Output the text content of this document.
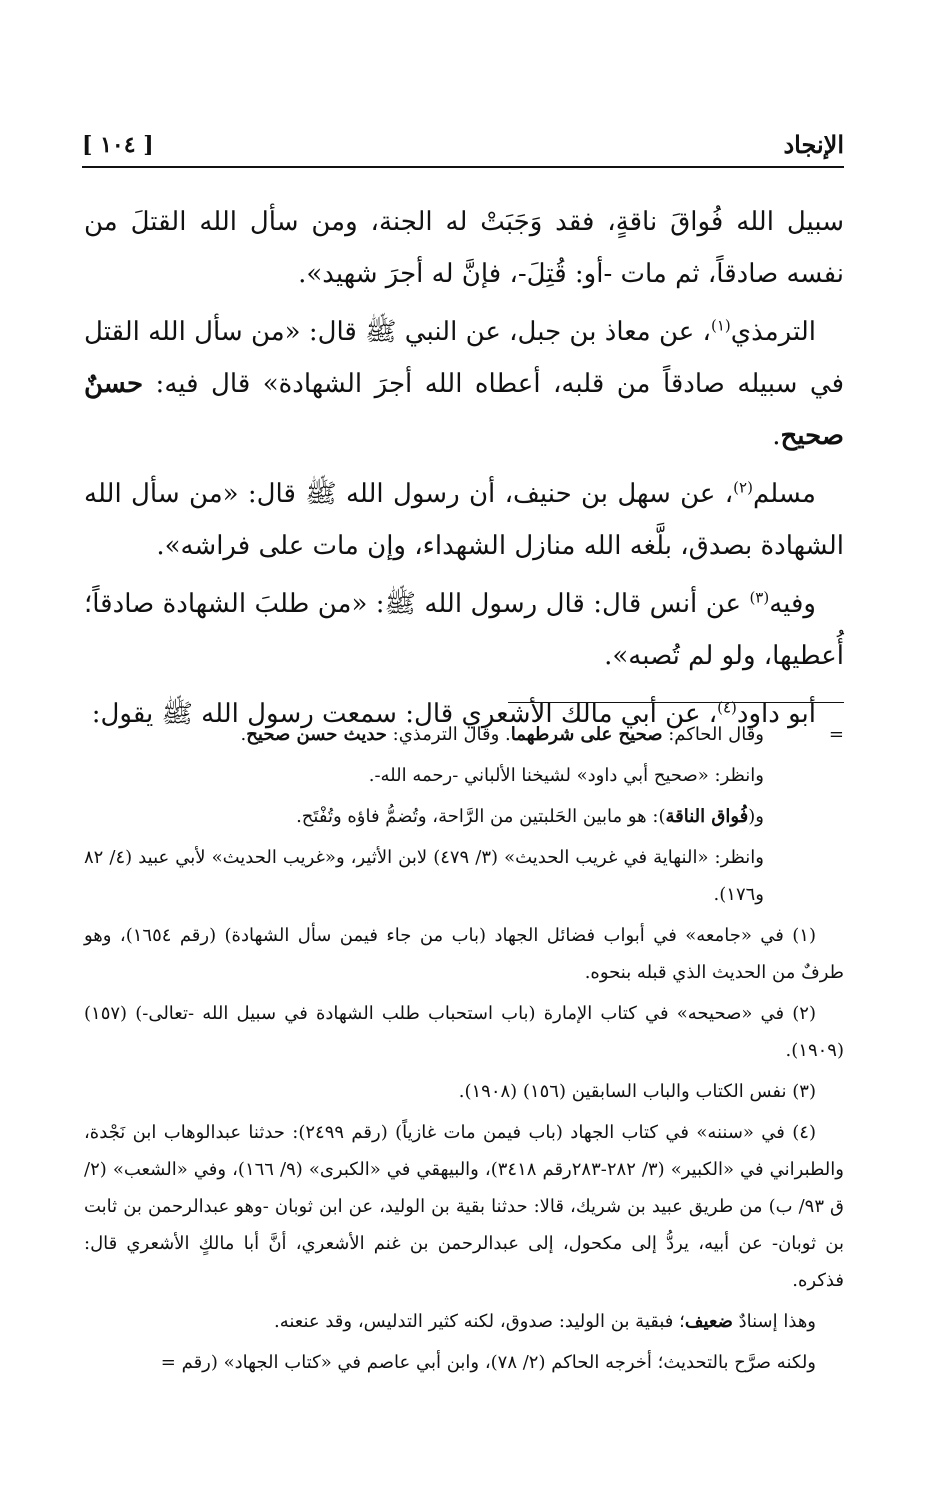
الإنجاد
[ ١٠٤ ]

سبيل الله فُواقَ ناقةٍ، فقد وَجَبَتْ له الجنة، ومن سأل الله القتلَ من نفسه صادقاً، ثم مات -أو: قُتِلَ-، فإنَّ له أجرَ شهيد».

الترمذي$^{(١)}$، عن معاذ بن جبل، عن النبي ﷺ قال: «من سأل الله القتل في سبيله صادقاً من قلبه، أعطاه الله أجرَ الشهادة» قال فيه: حسنٌ صحيح.

مسلم$^{(٢)}$، عن سهل بن حنيف، أن رسول الله ﷺ قال: «من سأل الله الشهادة بصدق، بلَّغه الله منازل الشهداء، وإن مات على فراشه».

وفيه$^{(٣)}$ عن أنس قال: قال رسول الله ﷺ: «من طلبَ الشهادة صادقاً؛ أُعطيها، ولو لم تُصبه».

أبو داود$^{(٤)}$، عن أبي مالك الأشعري قال: سمعت رسول الله ﷺ يقول:

=

وقال الحاكم: صحيح على شرطهما. وقال الترمذي: حديث حسن صحيح.

وانظر: «صحيح أبي داود» لشيخنا الألباني -رحمه الله-.

و(فُواق الناقة): هو مابين الحَلبتين من الرَّاحة، وتُضمُّ فاؤه وتُفْتَح.

وانظر: «النهاية في غريب الحديث» (٣/ ٤٧٩) لابن الأثير، و«غريب الحديث» لأبي عبيد (٤/ ٨٢ و١٧٦).

(١) في «جامعه» في أبواب فضائل الجهاد (باب من جاء فيمن سأل الشهادة) (رقم ١٦٥٤)، وهو طرفٌ من الحديث الذي قبله بنحوه.

(٢) في «صحيحه» في كتاب الإمارة (باب استحباب طلب الشهادة في سبيل الله -تعالى-) (١٥٧) (١٩٠٩).

(٣) نفس الكتاب والباب السابقين (١٥٦) (١٩٠٨).

(٤) في «سننه» في كتاب الجهاد (باب فيمن مات غازياً) (رقم ٢٤٩٩): حدثنا عبدالوهاب ابن نَجْدة، والطبراني في «الكبير» (٣/ ٢٨٢-٢٨٣رقم ٣٤١٨)، والبيهقي في «الكبرى» (٩/ ١٦٦)، وفي «الشعب» (٢/ ق ٩٣/ ب) من طريق عبيد بن شريك، قالا: حدثنا بقية بن الوليد، عن ابن ثوبان -وهو عبدالرحمن بن ثابت بن ثوبان- عن أبيه، يردُّ إلى مكحول، إلى عبدالرحمن بن غنم الأشعري، أنَّ أبا مالكٍ الأشعري قال: فذكره.

وهذا إسنادٌ ضعيف؛ فبقية بن الوليد: صدوق، لكنه كثير التدليس، وقد عنعنه.

ولكنه صرَّح بالتحديث؛ أخرجه الحاكم (٢/ ٧٨)، وابن أبي عاصم في «كتاب الجهاد» (رقم =
